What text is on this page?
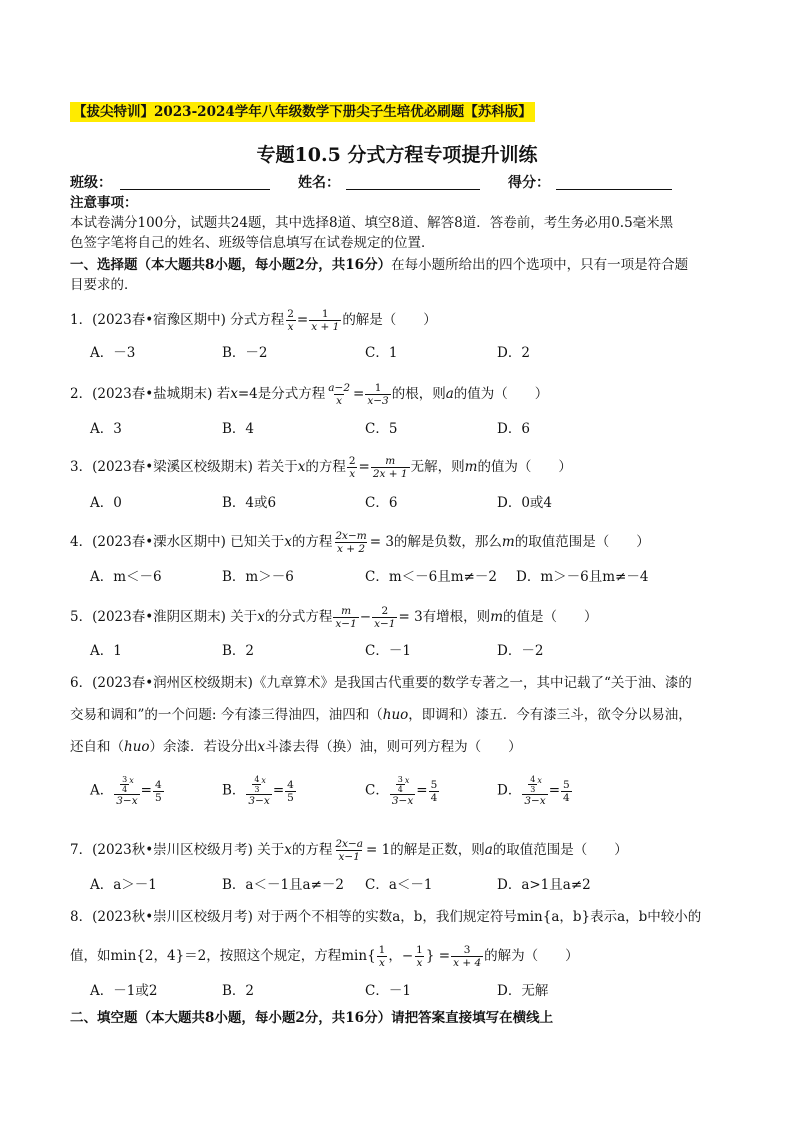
【拔尖特训】2023-2024学年八年级数学下册尖子生培优必刷题【苏科版】
专题10.5 分式方程专项提升训练
班级：	姓名：	得分：
注意事项：
本试卷满分100分，试题共24题，其中选择8道、填空8道、解答8道．答卷前，考生务必用0.5毫米黑
色签字笔将自己的姓名、班级等信息填写在试卷规定的位置．
一、选择题（本大题共8小题，每小题2分，共16分）在每小题所给出的四个选项中，只有一项是符合题
目要求的．
1．(2023春•宿豫区期中) 分式方程 $\frac{2}{x} = \frac{1}{x + 1}$ 的解是（　　）
A．－3	B．－2	C．1	D．2
2．(2023春•盐城期末) 若x=4是分式方程 $\frac{a-2}{x} = \frac{1}{x-3}$ 的根，则a的值为（　　）
A．3	B．4	C．5	D．6
3．(2023春•梁溪区校级期末) 若关于x的方程 $\frac{2}{x} = \frac{m}{2x + 1}$ 无解，则m的值为（　　）
A．0	B．4或6	C．6	D．0或4
4．(2023春•溧水区期中) 已知关于x的方程 $\frac{2x-m}{x + 2} = 3$的解是负数，那么m的取值范围是（　　）
A．m＜－6	B．m＞－6	C．m＜－6且m≠－2 D．m＞－6且m≠－4
5．(2023春•淮阴区期末) 关于x的分式方程 $\frac{m}{x-1} - \frac{2}{x-1} = 3$有增根，则m的值是（　　）
A．1	B．2	C．－1	D．－2
6．(2023春•润州区校级期末)《九章算术》是我国古代重要的数学专著之一，其中记载了“关于油、漆的
交易和调和”的一个问题: 今有漆三得油四，油四和（huo，即调和）漆五．今有漆三斗，欲令分以易油，
还自和（huo）余漆．若设分出x斗漆去得（换）油，则可列方程为（　　）
A． $\frac{\frac{3}{4} ^x}{3-x} = \frac{4}{5}$	B． $\frac{\frac{4}{3} ^x}{3-x} = \frac{4}{5}$	C． $\frac{\frac{3}{4} ^x}{3-x} = \frac{5}{4}$	D． $\frac{\frac{4}{3} ^x}{3-x} = \frac{5}{4}$
7．(2023秋•崇川区校级月考) 关于x的方程 $\frac{2x-a}{x-1} = 1$的解是正数，则a的取值范围是（　　）
A．a＞－1	B．a＜－1且a≠－2 C．a＜－1	D．a>1且a≠2
8．(2023秋•崇川区校级月考) 对于两个不相等的实数a，b，我们规定符号min{a，b}表示a，b中较小的
值，如min{2，4}＝2，按照这个规定，方程$\min\{ \frac{1}{x}$ ，− $\frac{1}{x}$ } = $\frac{3}{x + 4}$ 的解为（　　）
A．－1或2	B．2	C．－1	D．无解
二、填空题（本大题共8小题，每小题2分，共16分）请把答案直接填写在横线上
